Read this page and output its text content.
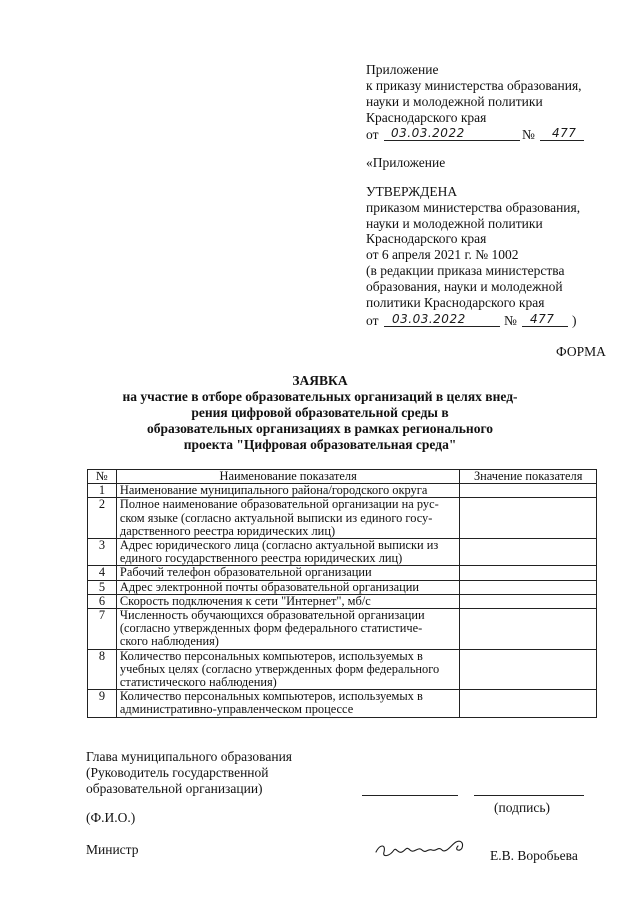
Приложение
к приказу министерства образования,
науки и молодежной политики
Краснодарского края
от 03.03.2022	№ 477
«Приложение
УТВЕРЖДЕНА
приказом министерства образования,
науки и молодежной политики
Краснодарского края
от 6 апреля 2021 г. № 1002
(в редакции приказа министерства
образования, науки и молодежной
политики Краснодарского края
от 03.03.2022	№ 477 )
ФОРМА
ЗАЯВКА
на участие в отборе образовательных организаций в целях внед-
рения цифровой образовательной среды в
образовательных организациях в рамках регионального
проекта "Цифровая образовательная среда"
№	Наименование показателя	Значение показателя
1	Наименование муниципального района/городского округа	

2	Полное наименование образовательной организации на рус-
ском языке (согласно актуальной выписки из единого госу-
дарственного реестра юридических лиц)	

3	Адрес юридического лица (согласно актуальной выписки из
единого государственного реестра юридических лиц)	

4	Рабочий телефон образовательной организации	

5	Адрес электронной почты образовательной организации	

6	Скорость подключения к сети "Интернет", мб/с	

7	Численность обучающихся образовательной организации
(согласно утвержденных форм федерального статистиче-
ского наблюдения)	

8	Количество персональных компьютеров, используемых в
учебных целях (согласно утвержденных форм федерального
статистического наблюдения)	

9	Количество персональных компьютеров, используемых в
административно-управленческом процессе	

Глава муниципального образования
(Руководитель государственной
образовательной организации)
(подпись)
(Ф.И.О.)
Министр	Е.В. Воробьева
